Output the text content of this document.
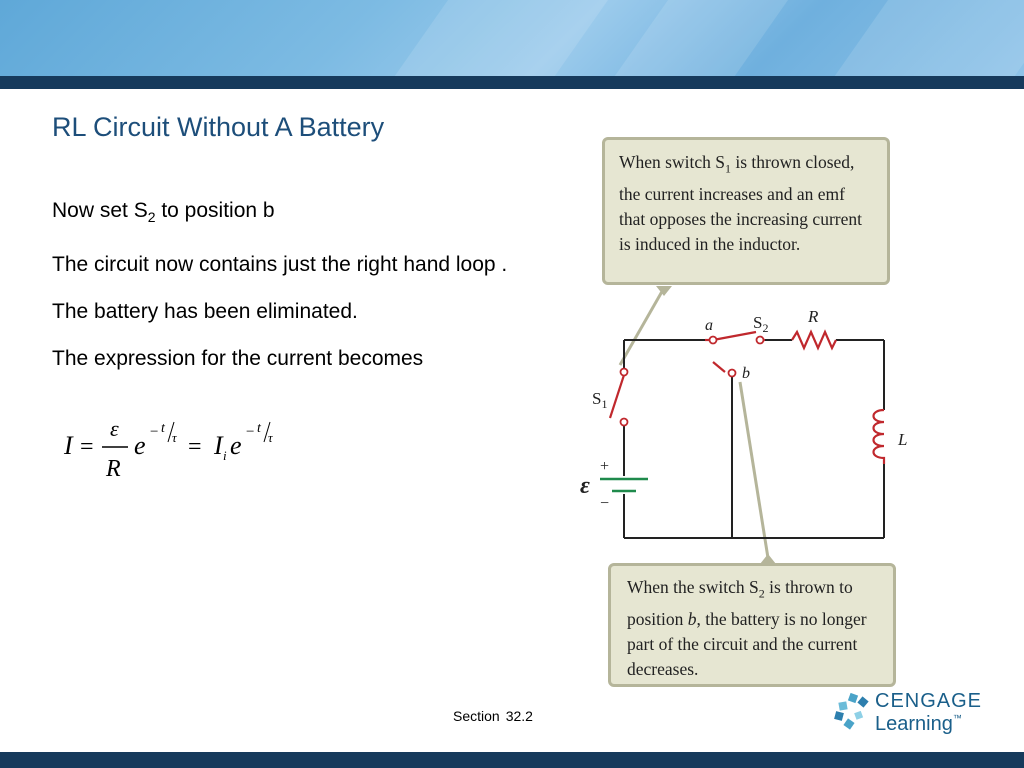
RL Circuit Without A Battery

Now set $S_2$ to position b

The circuit now contains just the right hand loop .

The battery has been eliminated.

The expression for the current becomes

I =
ε
R
e − t
τ = I i e − t
τ
When switch $S_1$ is thrown closed, the current increases and an emf that opposes the increasing current is induced in the inductor.
a
b
$S_2$
R
$S_1$
L
ε
+
−
When the switch $S_2$ is thrown to position b, the battery is no longer part of the circuit and the current decreases.
Section 32.2
CENGAGE
Learning™
